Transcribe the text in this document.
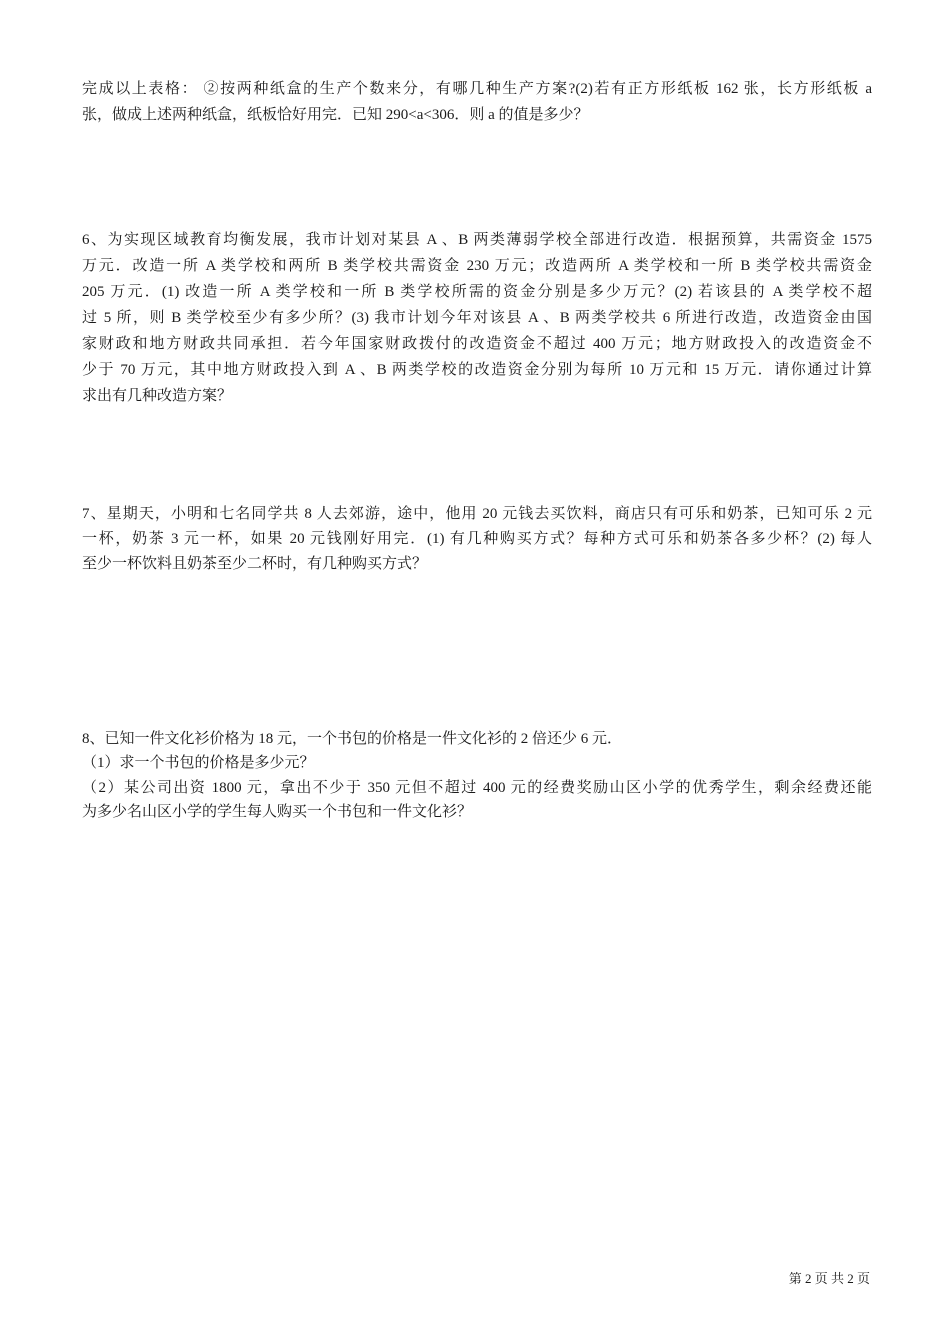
完成以上表格： ②按两种纸盒的生产个数来分，有哪几种生产方案?(2)若有正方形纸板 162 张，长方形纸板 a
张，做成上述两种纸盒，纸板恰好用完．已知 290<a<306．则 a 的值是多少？
6、为实现区域教育均衡发展，我市计划对某县 A 、B 两类薄弱学校全部进行改造．根据预算，共需资金 1575
万元．改造一所 A 类学校和两所 B 类学校共需资金 230 万元；改造两所 A 类学校和一所 B 类学校共需资金
205 万元．(1) 改造一所 A 类学校和一所 B 类学校所需的资金分别是多少万元？(2) 若该县的 A 类学校不超
过 5 所，则 B 类学校至少有多少所？(3) 我市计划今年对该县 A 、B 两类学校共 6 所进行改造，改造资金由国
家财政和地方财政共同承担．若今年国家财政拨付的改造资金不超过 400 万元；地方财政投入的改造资金不
少于 70 万元，其中地方财政投入到 A 、B 两类学校的改造资金分别为每所 10 万元和 15 万元．请你通过计算
求出有几种改造方案？
7、星期天，小明和七名同学共 8 人去郊游，途中，他用 20 元钱去买饮料，商店只有可乐和奶茶，已知可乐 2 元
一杯，奶茶 3 元一杯，如果 20 元钱刚好用完．(1) 有几种购买方式？每种方式可乐和奶茶各多少杯？(2) 每人
至少一杯饮料且奶茶至少二杯时，有几种购买方式？
8、已知一件文化衫价格为 18 元，一个书包的价格是一件文化衫的 2 倍还少 6 元．
（1）求一个书包的价格是多少元？
（2）某公司出资 1800 元，拿出不少于 350 元但不超过 400 元的经费奖励山区小学的优秀学生，剩余经费还能
为多少名山区小学的学生每人购买一个书包和一件文化衫？
第 2 页 共 2 页
